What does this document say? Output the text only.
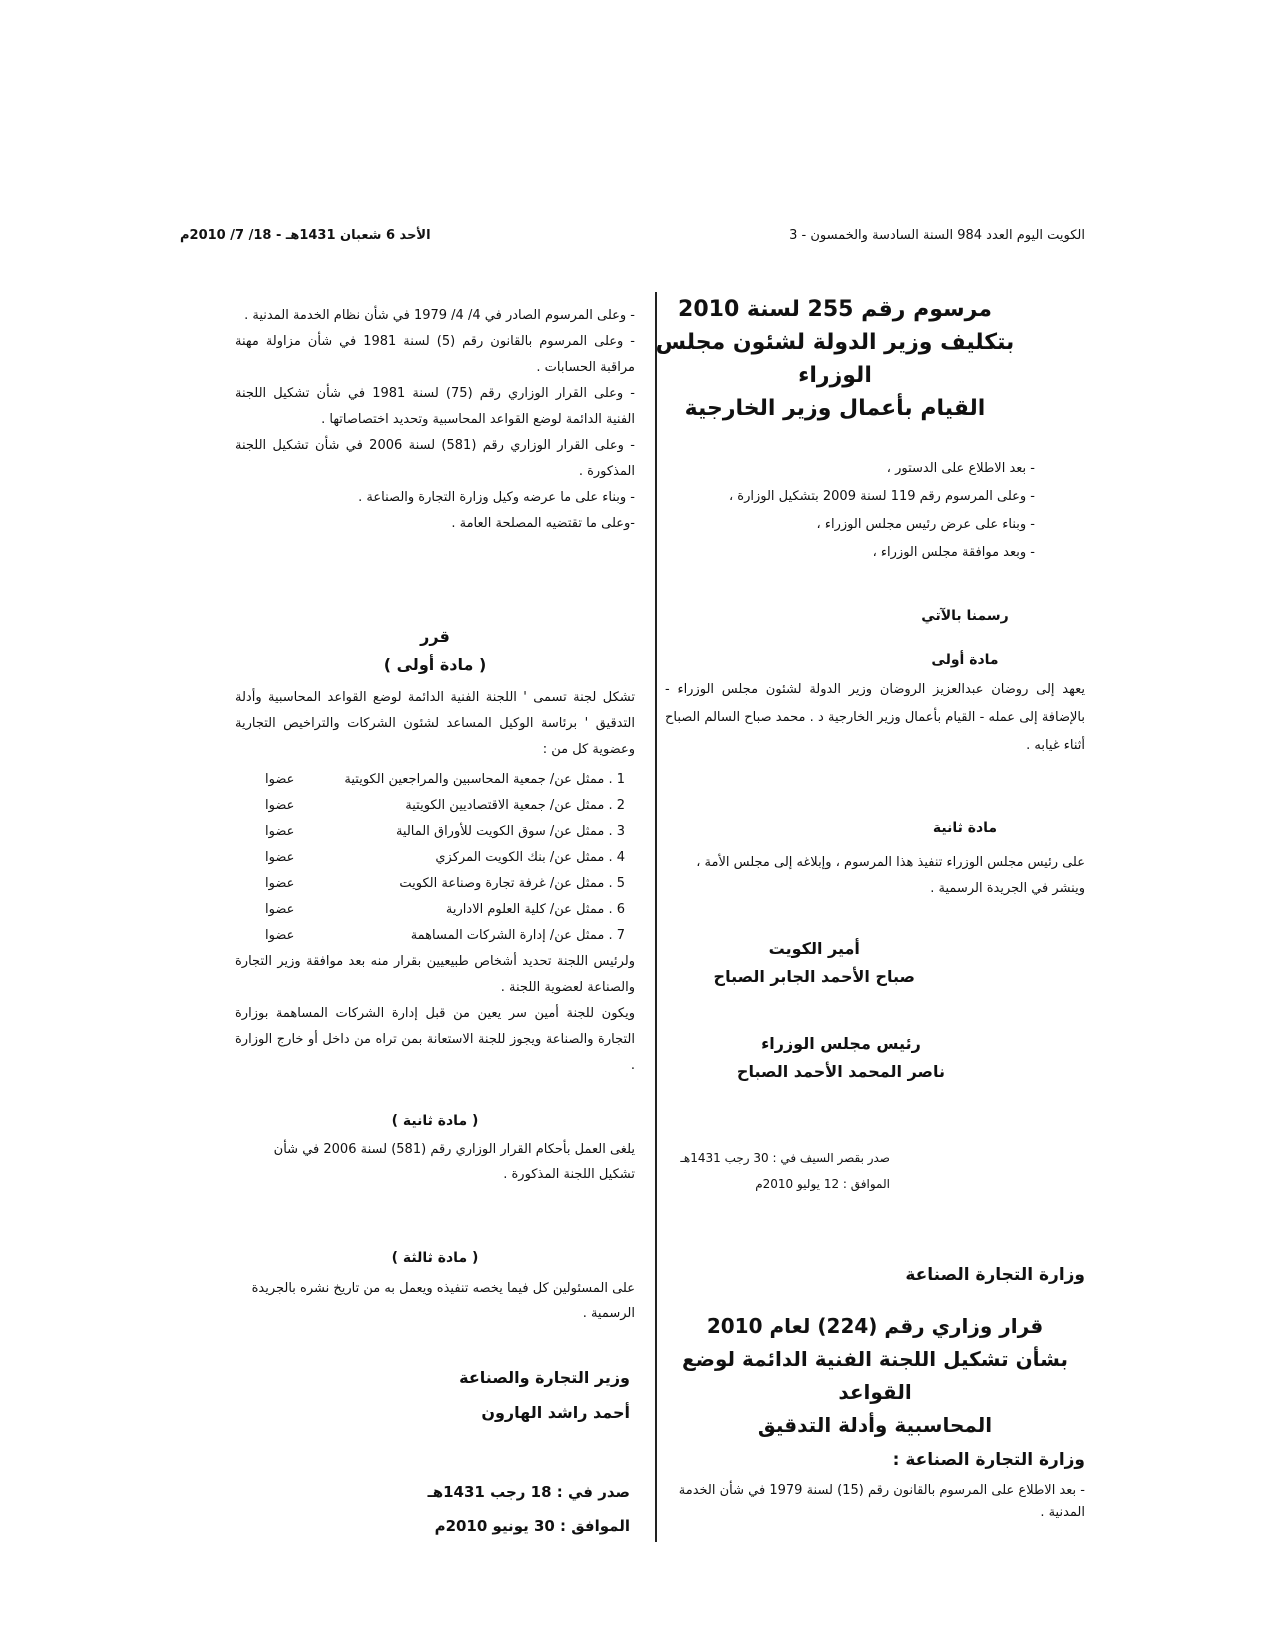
الكويت اليوم العدد 984 السنة السادسة والخمسون - 3
الأحد 6 شعبان 1431هـ - 18/ 7/ 2010م
مرسوم رقم 255 لسنة 2010
بتكليف وزير الدولة لشئون مجلس الوزراء
القيام بأعمال وزير الخارجية
- بعد الاطلاع على الدستور ،
- وعلى المرسوم رقم 119 لسنة 2009 بتشكيل الوزارة ،
- وبناء على عرض رئيس مجلس الوزراء ،
- وبعد موافقة مجلس الوزراء ،
رسمنا بالآتي
مادة أولى
يعهد إلى روضان عبدالعزيز الروضان وزير الدولة لشئون مجلس الوزراء - بالإضافة إلى عمله - القيام بأعمال وزير الخارجية د . محمد صباح السالم الصباح أثناء غيابه .
مادة ثانية
على رئيس مجلس الوزراء تنفيذ هذا المرسوم ، وإبلاغه إلى مجلس الأمة ، وينشر في الجريدة الرسمية .
أمير الكويت
صباح الأحمد الجابر الصباح
رئيس مجلس الوزراء
ناصر المحمد الأحمد الصباح
صدر بقصر السيف في : 30 رجب 1431هـ
الموافق : 12 يوليو 2010م
وزارة التجارة الصناعة
قرار وزاري رقم (224) لعام 2010
بشأن تشكيل اللجنة الفنية الدائمة لوضع القواعد
المحاسبية وأدلة التدقيق
وزارة التجارة الصناعة :
- بعد الاطلاع على المرسوم بالقانون رقم (15) لسنة 1979 في شأن الخدمة المدنية .
- وعلى المرسوم الصادر في 4/ 4/ 1979 في شأن نظام الخدمة المدنية .
- وعلى المرسوم بالقانون رقم (5) لسنة 1981 في شأن مزاولة مهنة مراقبة الحسابات .
- وعلى القرار الوزاري رقم (75) لسنة 1981 في شأن تشكيل اللجنة الفنية الدائمة لوضع القواعد المحاسبية وتحديد اختصاصاتها .
- وعلى القرار الوزاري رقم (581) لسنة 2006 في شأن تشكيل اللجنة المذكورة .
- وبناء على ما عرضه وكيل وزارة التجارة والصناعة .
-وعلى ما تقتضيه المصلحة العامة .
قرر
( مادة أولى )
تشكل لجنة تسمى ' اللجنة الفنية الدائمة لوضع القواعد المحاسبية وأدلة التدقيق ' برئاسة الوكيل المساعد لشئون الشركات والتراخيص التجارية وعضوية كل من :
1 . ممثل عن/ جمعية المحاسبين والمراجعين الكويتية
عضوا
2 . ممثل عن/ جمعية الاقتصاديين الكويتية
عضوا
3 . ممثل عن/ سوق الكويت للأوراق المالية
عضوا
4 . ممثل عن/ بنك الكويت المركزي
عضوا
5 . ممثل عن/ غرفة تجارة وصناعة الكويت
عضوا
6 . ممثل عن/ كلية العلوم الادارية
عضوا
7 . ممثل عن/ إدارة الشركات المساهمة
عضوا
ولرئيس اللجنة تحديد أشخاص طبيعيين بقرار منه بعد موافقة وزير التجارة والصناعة لعضوية اللجنة .
ويكون للجنة أمين سر يعين من قبل إدارة الشركات المساهمة بوزارة التجارة والصناعة ويجوز للجنة الاستعانة بمن تراه من داخل أو خارج الوزارة .
( مادة ثانية )
يلغى العمل بأحكام القرار الوزاري رقم (581) لسنة 2006 في شأن تشكيل اللجنة المذكورة .
( مادة ثالثة )
على المسئولين كل فيما يخصه تنفيذه ويعمل به من تاريخ نشره بالجريدة الرسمية .
وزير التجارة والصناعة
أحمد راشد الهارون
صدر في : 18 رجب 1431هـ
الموافق : 30 يونيو 2010م
